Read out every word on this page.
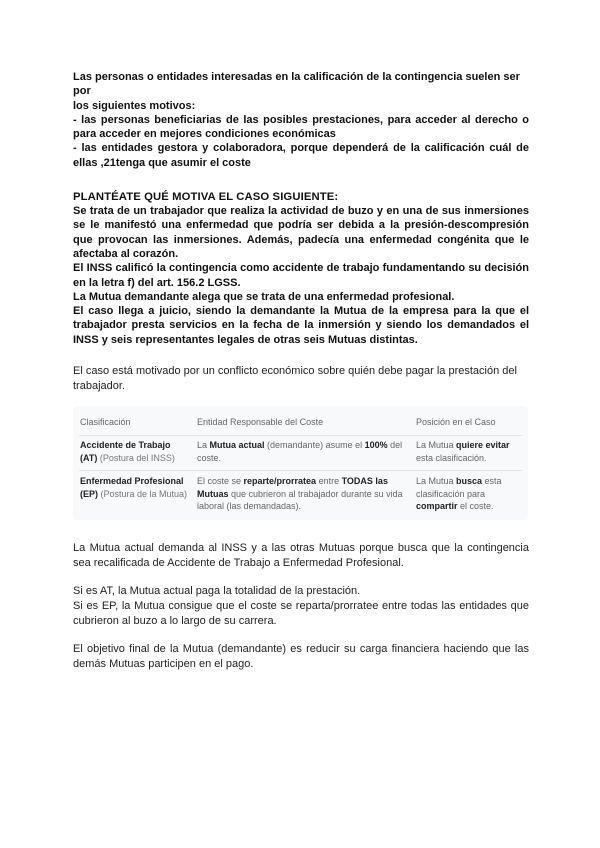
Las personas o entidades interesadas en la calificación de la contingencia suelen ser

por

los siguientes motivos:

- las personas beneficiarias de las posibles prestaciones, para acceder al derecho o para acceder en mejores condiciones económicas

- las entidades gestora y colaboradora, porque dependerá de la calificación cuál de ellas ,21tenga que asumir el coste

PLANTÉATE QUÉ MOTIVA EL CASO SIGUIENTE:

Se trata de un trabajador que realiza la actividad de buzo y en una de sus inmersiones se le manifestó una enfermedad que podría ser debida a la presión-descompresión que provocan las inmersiones. Además, padecía una enfermedad congénita que le afectaba al corazón.

El INSS calificó la contingencia como accidente de trabajo fundamentando su decisión en la letra f) del art. 156.2 LGSS.

La Mutua demandante alega que se trata de una enfermedad profesional.

El caso llega a juicio, siendo la demandante la Mutua de la empresa para la que el trabajador presta servicios en la fecha de la inmersión y siendo los demandados el INSS y seis representantes legales de otras seis Mutuas distintas.

El caso está motivado por un conflicto económico sobre quién debe pagar la prestación del trabajador.

Clasificación	Entidad Responsable del Coste	Posición en el Caso
Accidente de Trabajo (AT) (Postura del INSS)
La Mutua actual (demandante) asume el 100% del coste.
La Mutua quiere evitar esta clasificación.
Enfermedad Profesional (EP) (Postura de la Mutua)
El coste se reparte/prorratea entre TODAS las Mutuas que cubrieron al trabajador durante su vida laboral (las demandadas).
La Mutua busca esta clasificación para compartir el coste.

La Mutua actual demanda al INSS y a las otras Mutuas porque busca que la contingencia sea recalificada de Accidente de Trabajo a Enfermedad Profesional.

Si es AT, la Mutua actual paga la totalidad de la prestación.

Si es EP, la Mutua consigue que el coste se reparta/prorratee entre todas las entidades que cubrieron al buzo a lo largo de su carrera.

El objetivo final de la Mutua (demandante) es reducir su carga financiera haciendo que las demás Mutuas participen en el pago.
